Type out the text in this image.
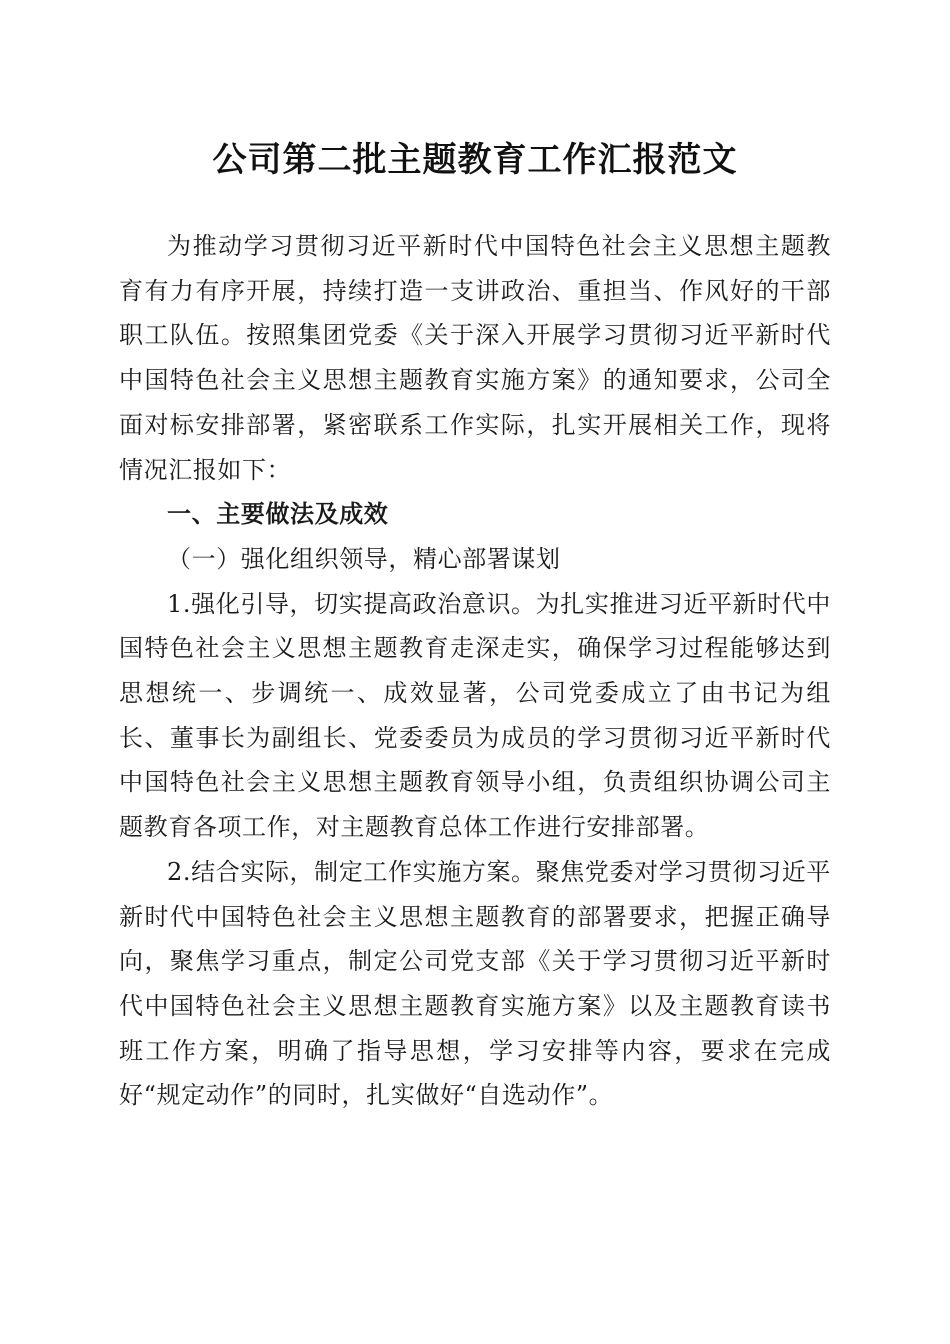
公司第二批主题教育工作汇报范文

为推动学习贯彻习近平新时代中国特色社会主义思想主题教育有力有序开展，持续打造一支讲政治、重担当、作风好的干部职工队伍。按照集团党委《关于深入开展学习贯彻习近平新时代中国特色社会主义思想主题教育实施方案》的通知要求，公司全面对标安排部署，紧密联系工作实际，扎实开展相关工作，现将情况汇报如下：

一、主要做法及成效

（一）强化组织领导，精心部署谋划

1.强化引导，切实提高政治意识。为扎实推进习近平新时代中国特色社会主义思想主题教育走深走实，确保学习过程能够达到思想统一、步调统一、成效显著，公司党委成立了由书记为组长、董事长为副组长、党委委员为成员的学习贯彻习近平新时代中国特色社会主义思想主题教育领导小组，负责组织协调公司主题教育各项工作，对主题教育总体工作进行安排部署。

2.结合实际，制定工作实施方案。聚焦党委对学习贯彻习近平新时代中国特色社会主义思想主题教育的部署要求，把握正确导向，聚焦学习重点，制定公司党支部《关于学习贯彻习近平新时代中国特色社会主义思想主题教育实施方案》以及主题教育读书班工作方案，明确了指导思想，学习安排等内容，要求在完成好“规定动作”的同时，扎实做好“自选动作”。
